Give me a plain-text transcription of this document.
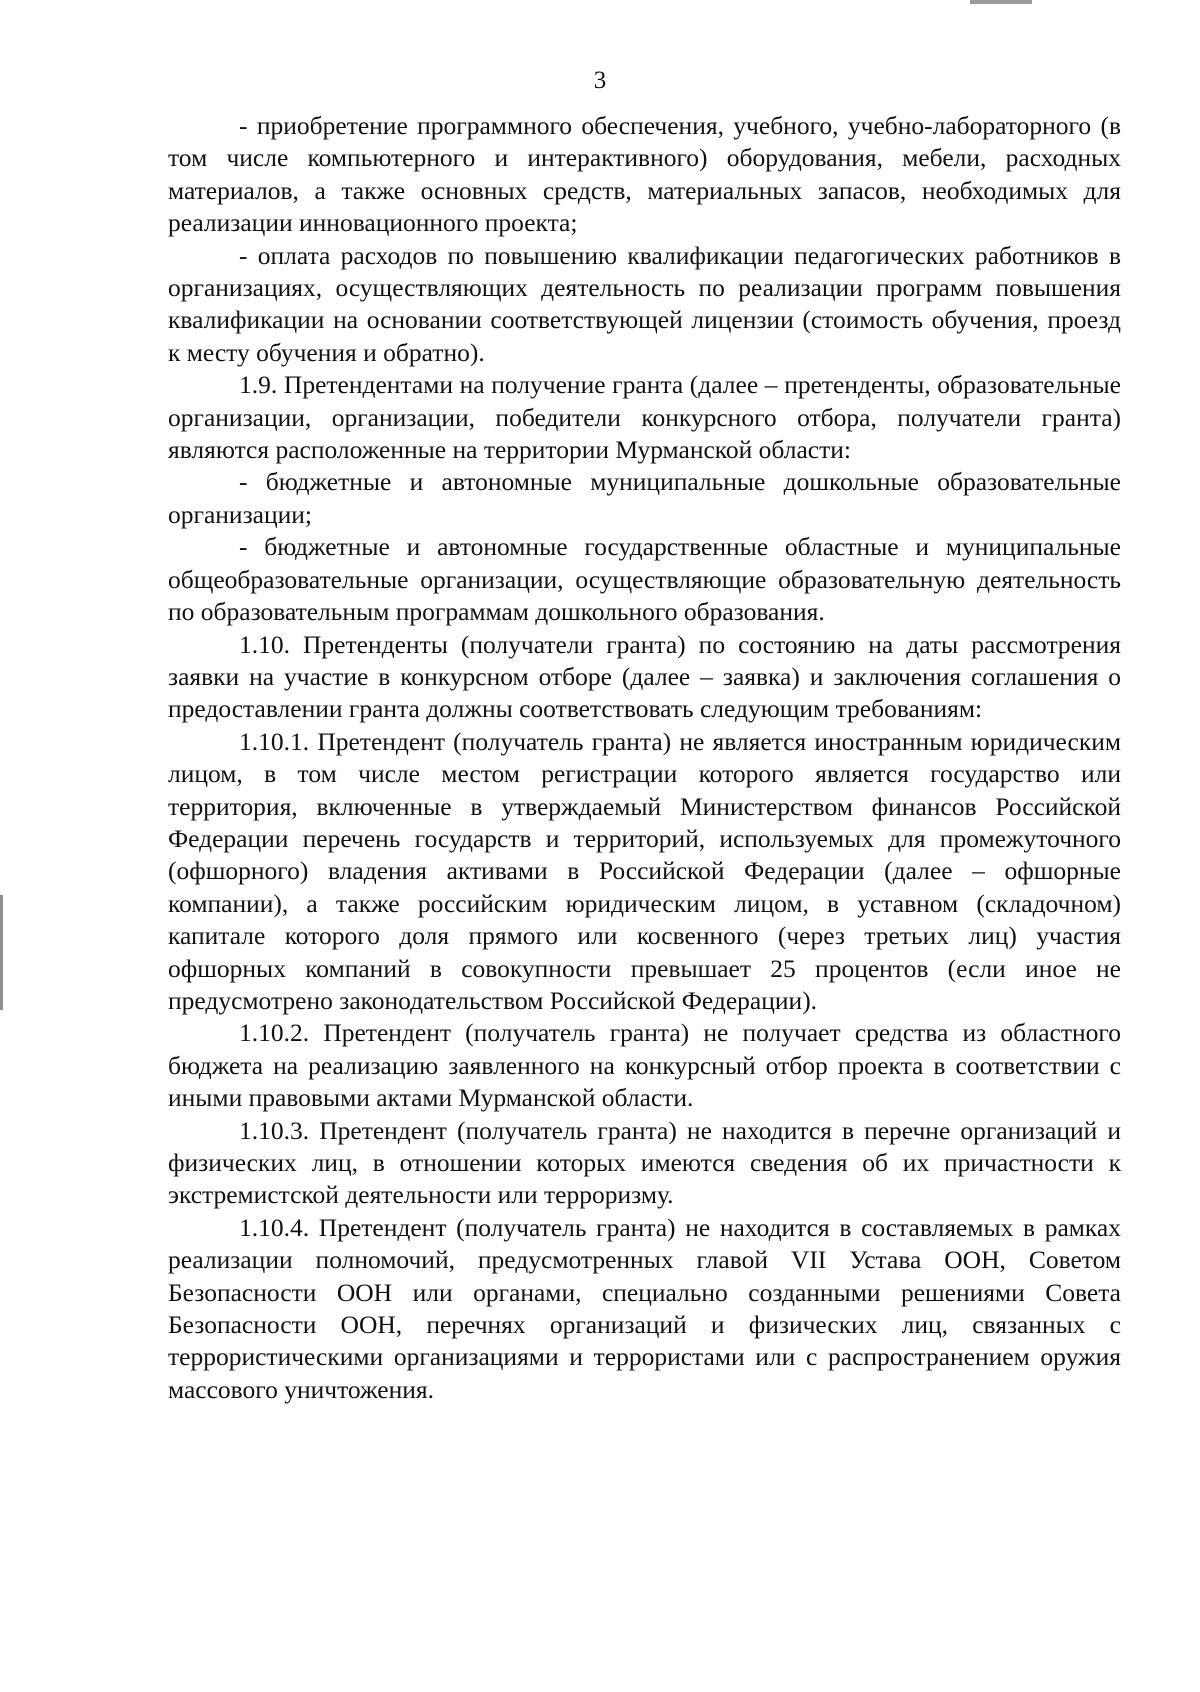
3

- приобретение программного обеспечения, учебного, учебно-лабораторного (в том числе компьютерного и интерактивного) оборудования, мебели, расходных материалов, а также основных средств, материальных запасов, необходимых для реализации инновационного проекта;

- оплата расходов по повышению квалификации педагогических работников в организациях, осуществляющих деятельность по реализации программ повышения квалификации на основании соответствующей лицензии (стоимость обучения, проезд к месту обучения и обратно).

1.9. Претендентами на получение гранта (далее – претенденты, образовательные организации, организации, победители конкурсного отбора, получатели гранта) являются расположенные на территории Мурманской области:

- бюджетные и автономные муниципальные дошкольные образовательные организации;

- бюджетные и автономные государственные областные и муниципальные общеобразовательные организации, осуществляющие образовательную деятельность по образовательным программам дошкольного образования.

1.10. Претенденты (получатели гранта) по состоянию на даты рассмотрения заявки на участие в конкурсном отборе (далее – заявка) и заключения соглашения о предоставлении гранта должны соответствовать следующим требованиям:

1.10.1. Претендент (получатель гранта) не является иностранным юридическим лицом, в том числе местом регистрации которого является государство или территория, включенные в утверждаемый Министерством финансов Российской Федерации перечень государств и территорий, используемых для промежуточного (офшорного) владения активами в Российской Федерации (далее – офшорные компании), а также российским юридическим лицом, в уставном (складочном) капитале которого доля прямого или косвенного (через третьих лиц) участия офшорных компаний в совокупности превышает 25 процентов (если иное не предусмотрено законодательством Российской Федерации).

1.10.2. Претендент (получатель гранта) не получает средства из областного бюджета на реализацию заявленного на конкурсный отбор проекта в соответствии с иными правовыми актами Мурманской области.

1.10.3. Претендент (получатель гранта) не находится в перечне организаций и физических лиц, в отношении которых имеются сведения об их причастности к экстремистской деятельности или терроризму.

1.10.4. Претендент (получатель гранта) не находится в составляемых в рамках реализации полномочий, предусмотренных главой VII Устава ООН, Советом Безопасности ООН или органами, специально созданными решениями Совета Безопасности ООН, перечнях организаций и физических лиц, связанных с террористическими организациями и террористами или с распространением оружия массового уничтожения.
